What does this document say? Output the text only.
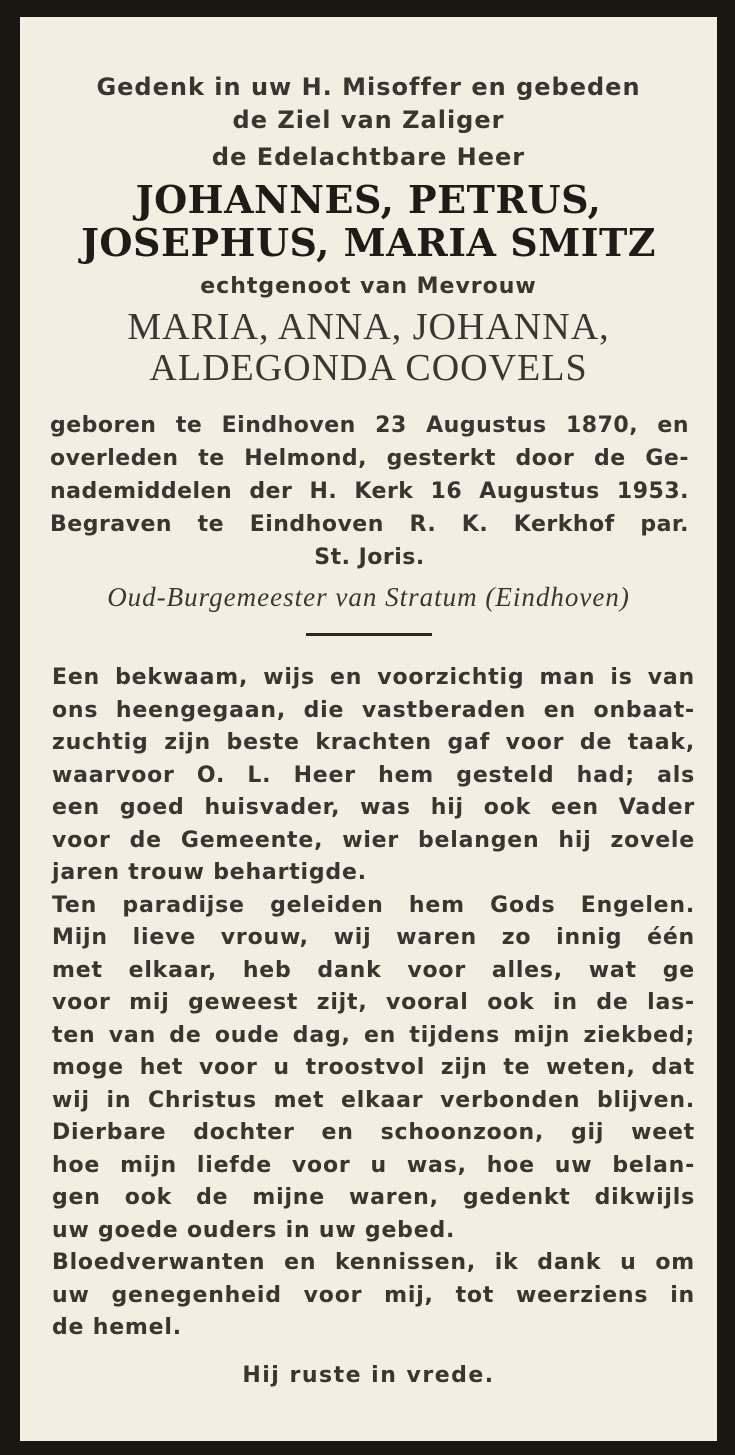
Gedenk in uw H. Misoffer en gebeden
de Ziel van Zaliger
de Edelachtbare Heer
JOHANNES, PETRUS,
JOSEPHUS, MARIA SMITZ
echtgenoot van Mevrouw
MARIA, ANNA, JOHANNA,
ALDEGONDA COOVELS
geboren te Eindhoven 23 Augustus 1870, en
overleden te Helmond, gesterkt door de Ge-
nademiddelen der H. Kerk 16 Augustus 1953.
Begraven te Eindhoven R. K. Kerkhof par.
St. Joris.
Oud-Burgemeester van Stratum (Eindhoven)
Een bekwaam, wijs en voorzichtig man is van
ons heengegaan, die vastberaden en onbaat-
zuchtig zijn beste krachten gaf voor de taak,
waarvoor O. L. Heer hem gesteld had; als
een goed huisvader, was hij ook een Vader
voor de Gemeente, wier belangen hij zovele
jaren trouw behartigde.
Ten paradijse geleiden hem Gods Engelen.
Mijn lieve vrouw, wij waren zo innig één
met elkaar, heb dank voor alles, wat ge
voor mij geweest zijt, vooral ook in de las-
ten van de oude dag, en tijdens mijn ziekbed;
moge het voor u troostvol zijn te weten, dat
wij in Christus met elkaar verbonden blijven.
Dierbare dochter en schoonzoon, gij weet
hoe mijn liefde voor u was, hoe uw belan-
gen ook de mijne waren, gedenkt dikwijls
uw goede ouders in uw gebed.
Bloedverwanten en kennissen, ik dank u om
uw genegenheid voor mij, tot weerziens in
de hemel.
Hij ruste in vrede.
